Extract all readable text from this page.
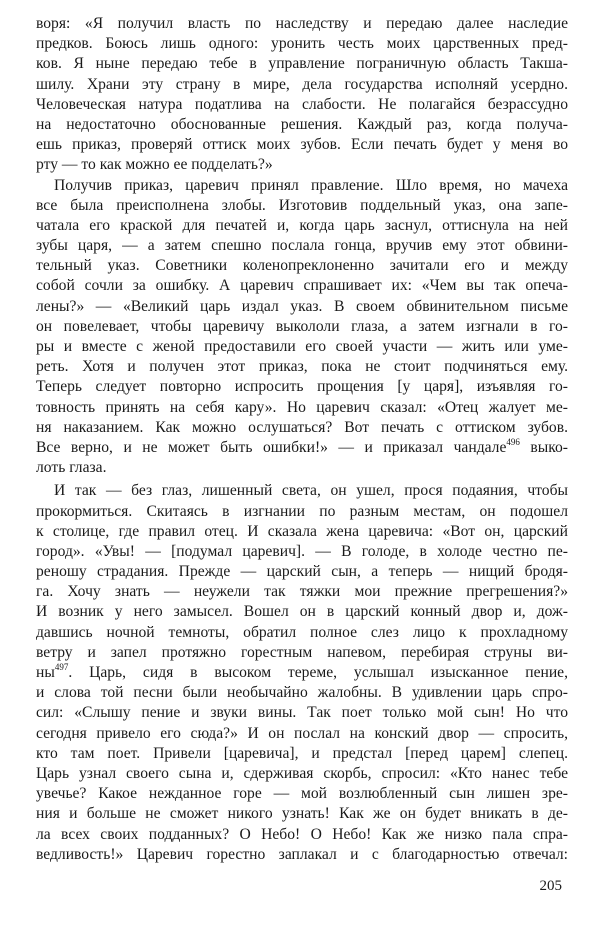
воря: «Я получил власть по наследству и передаю далее наследие
предков. Боюсь лишь одного: уронить честь моих царственных пред-
ков. Я ныне передаю тебе в управление пограничную область Такша-
шилу. Храни эту страну в мире, дела государства исполняй усердно.
Человеческая натура податлива на слабости. Не полагайся безрассудно
на недостаточно обоснованные решения. Каждый раз, когда получа-
ешь приказ, проверяй оттиск моих зубов. Если печать будет у меня во
рту — то как можно ее подделать?»
Получив приказ, царевич принял правление. Шло время, но мачеха
все была преисполнена злобы. Изготовив поддельный указ, она запе-
чатала его краской для печатей и, когда царь заснул, оттиснула на ней
зубы царя, — а затем спешно послала гонца, вручив ему этот обвини-
тельный указ. Советники коленопреклоненно зачитали его и между
собой сочли за ошибку. А царевич спрашивает их: «Чем вы так опеча-
лены?» — «Великий царь издал указ. В своем обвинительном письме
он повелевает, чтобы царевичу выкололи глаза, а затем изгнали в го-
ры и вместе с женой предоставили его своей участи — жить или уме-
реть. Хотя и получен этот приказ, пока не стоит подчиняться ему.
Теперь следует повторно испросить прощения [у царя], изъявляя го-
товность принять на себя кару». Но царевич сказал: «Отец жалует ме-
ня наказанием. Как можно ослушаться? Вот печать с оттиском зубов.
Все верно, и не может быть ошибки!» — и приказал чандале$^{496}$ выко-
лоть глаза.
И так — без глаз, лишенный света, он ушел, прося подаяния, чтобы
прокормиться. Скитаясь в изгнании по разным местам, он подошел
к столице, где правил отец. И сказала жена царевича: «Вот он, царский
город». «Увы! — [подумал царевич]. — В голоде, в холоде честно пе-
реношу страдания. Прежде — царский сын, а теперь — нищий бродя-
га. Хочу знать — неужели так тяжки мои прежние прегрешения?»
И возник у него замысел. Вошел он в царский конный двор и, дож-
давшись ночной темноты, обратил полное слез лицо к прохладному
ветру и запел протяжно горестным напевом, перебирая струны ви-
$ны^{497}$. Царь, сидя в высоком тереме, услышал изысканное пение,
и слова той песни были необычайно жалобны. В удивлении царь спро-
сил: «Слышу пение и звуки вины. Так поет только мой сын! Но что
сегодня привело его сюда?» И он послал на конский двор — спросить,
кто там поет. Привели [царевича], и предстал [перед царем] слепец.
Царь узнал своего сына и, сдерживая скорбь, спросил: «Кто нанес тебе
увечье? Какое нежданное горе — мой возлюбленный сын лишен зре-
ния и больше не сможет никого узнать! Как же он будет вникать в де-
ла всех своих подданных? О Небо! О Небо! Как же низко пала спра-
ведливость!» Царевич горестно заплакал и с благодарностью отвечал:
205
